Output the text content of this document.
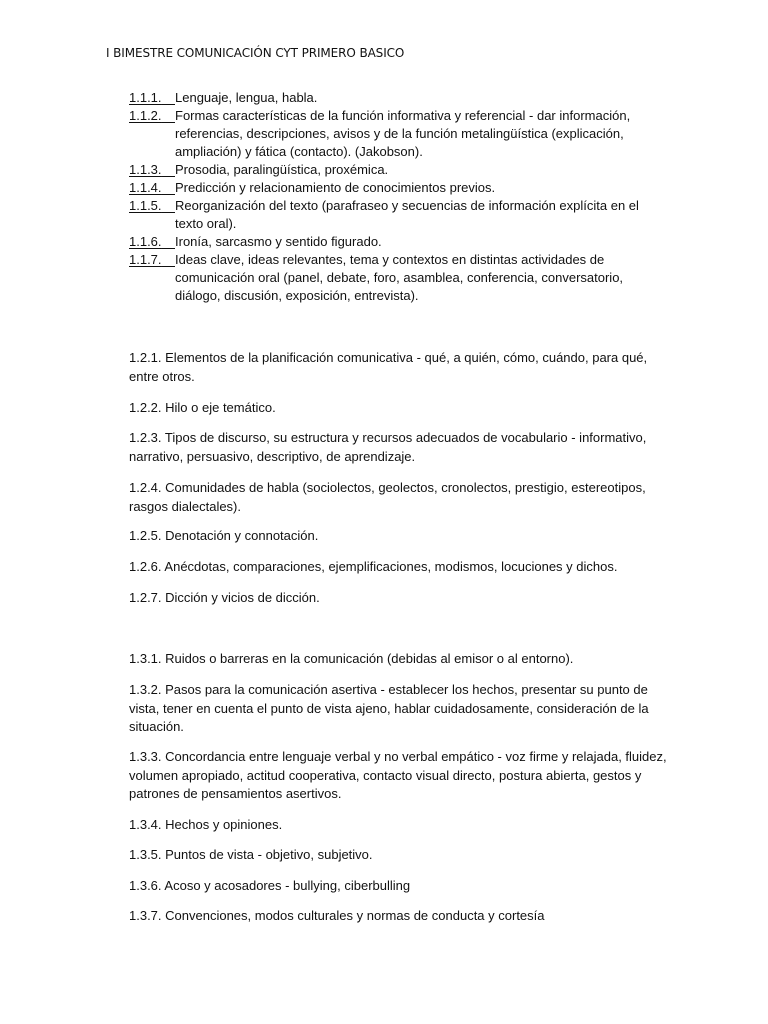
I BIMESTRE COMUNICACIÓN CYT PRIMERO BASICO
1.1.1.	Lenguaje, lengua, habla.
1.1.2.	Formas características de la función informativa y referencial - dar información, referencias, descripciones, avisos y de la función metalingüística (explicación, ampliación) y fática (contacto). (Jakobson).
1.1.3.	Prosodia, paralingüística, proxémica.
1.1.4.	Predicción y relacionamiento de conocimientos previos.
1.1.5.	Reorganización del texto (parafraseo y secuencias de información explícita en el texto oral).
1.1.6.	Ironía, sarcasmo y sentido figurado.
1.1.7.	Ideas clave, ideas relevantes, tema y contextos en distintas actividades de comunicación oral (panel, debate, foro, asamblea, conferencia, conversatorio, diálogo, discusión, exposición, entrevista).
1.2.1. Elementos de la planificación comunicativa - qué, a quién, cómo, cuándo, para qué, entre otros.
1.2.2. Hilo o eje temático.
1.2.3. Tipos de discurso, su estructura y recursos adecuados de vocabulario - informativo, narrativo, persuasivo, descriptivo, de aprendizaje.
1.2.4. Comunidades de habla (sociolectos, geolectos, cronolectos, prestigio, estereotipos, rasgos dialectales).
1.2.5. Denotación y connotación.
1.2.6. Anécdotas, comparaciones, ejemplificaciones, modismos, locuciones y dichos.
1.2.7. Dicción y vicios de dicción.
1.3.1. Ruidos o barreras en la comunicación (debidas al emisor o al entorno).
1.3.2. Pasos para la comunicación asertiva - establecer los hechos, presentar su punto de vista, tener en cuenta el punto de vista ajeno, hablar cuidadosamente, consideración de la situación.
1.3.3. Concordancia entre lenguaje verbal y no verbal empático - voz firme y relajada, fluidez, volumen apropiado, actitud cooperativa, contacto visual directo, postura abierta, gestos y patrones de pensamientos asertivos.
1.3.4. Hechos y opiniones.
1.3.5. Puntos de vista - objetivo, subjetivo.
1.3.6. Acoso y acosadores - bullying, ciberbulling
1.3.7. Convenciones, modos culturales y normas de conducta y cortesía
